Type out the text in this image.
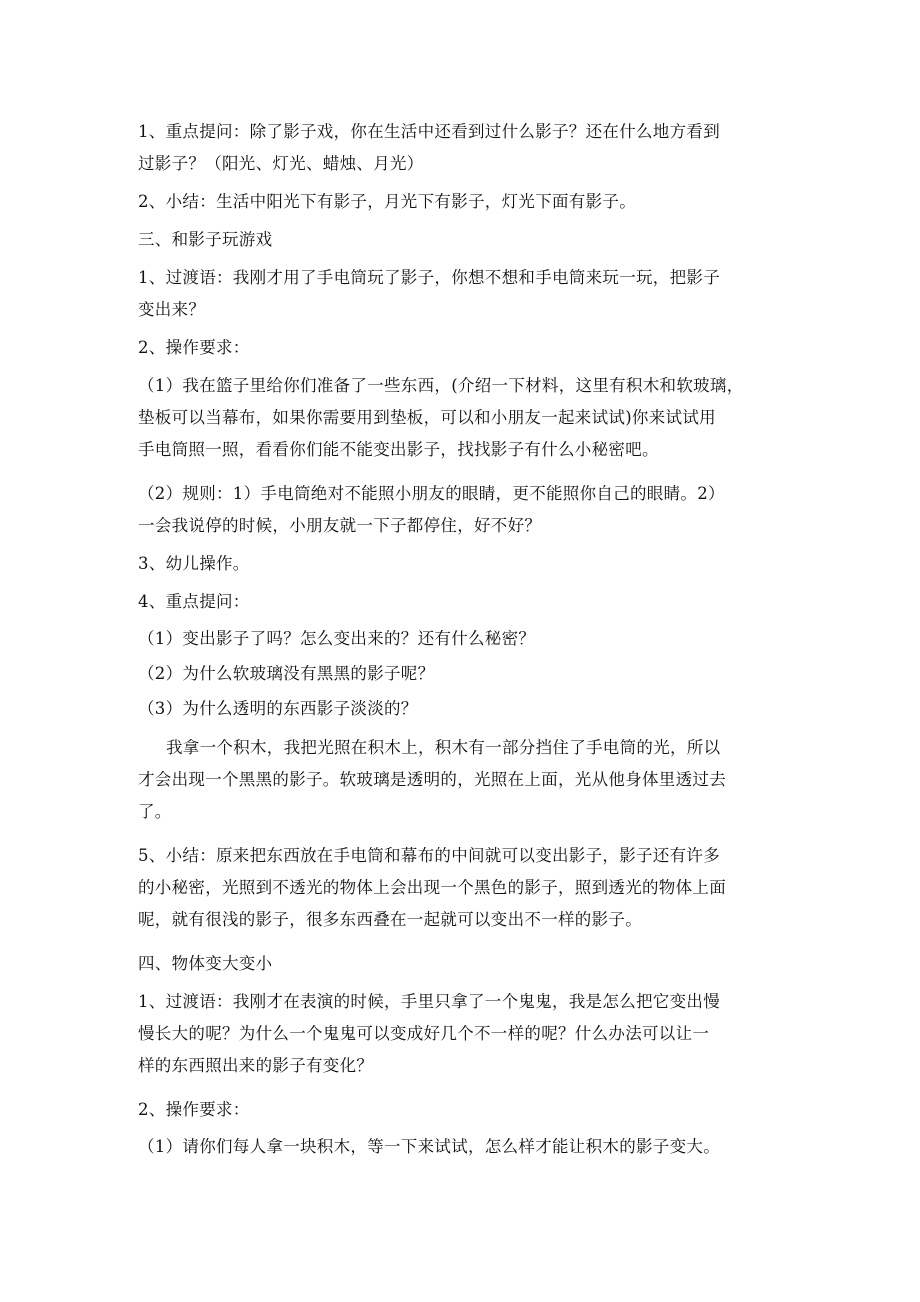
1、重点提问：除了影子戏，你在生活中还看到过什么影子？还在什么地方看到
过影子？（阳光、灯光、蜡烛、月光）
2、小结：生活中阳光下有影子，月光下有影子，灯光下面有影子。
三、和影子玩游戏
1、过渡语：我刚才用了手电筒玩了影子，你想不想和手电筒来玩一玩，把影子
变出来？
2、操作要求：
（1）我在篮子里给你们准备了一些东西，(介绍一下材料，这里有积木和软玻璃，
垫板可以当幕布，如果你需要用到垫板，可以和小朋友一起来试试)你来试试用
手电筒照一照，看看你们能不能变出影子，找找影子有什么小秘密吧。
（2）规则：1）手电筒绝对不能照小朋友的眼睛，更不能照你自己的眼睛。2）
一会我说停的时候，小朋友就一下子都停住，好不好？
3、幼儿操作。
4、重点提问：
（1）变出影子了吗？怎么变出来的？还有什么秘密？
（2）为什么软玻璃没有黑黑的影子呢？
（3）为什么透明的东西影子淡淡的？
我拿一个积木，我把光照在积木上，积木有一部分挡住了手电筒的光，所以
才会出现一个黑黑的影子。软玻璃是透明的，光照在上面，光从他身体里透过去
了。
5、小结：原来把东西放在手电筒和幕布的中间就可以变出影子，影子还有许多
的小秘密，光照到不透光的物体上会出现一个黑色的影子，照到透光的物体上面
呢，就有很浅的影子，很多东西叠在一起就可以变出不一样的影子。
四、物体变大变小
1、过渡语：我刚才在表演的时候，手里只拿了一个鬼鬼，我是怎么把它变出慢
慢长大的呢？为什么一个鬼鬼可以变成好几个不一样的呢？什么办法可以让一
样的东西照出来的影子有变化？
2、操作要求：
（1）请你们每人拿一块积木，等一下来试试，怎么样才能让积木的影子变大。
